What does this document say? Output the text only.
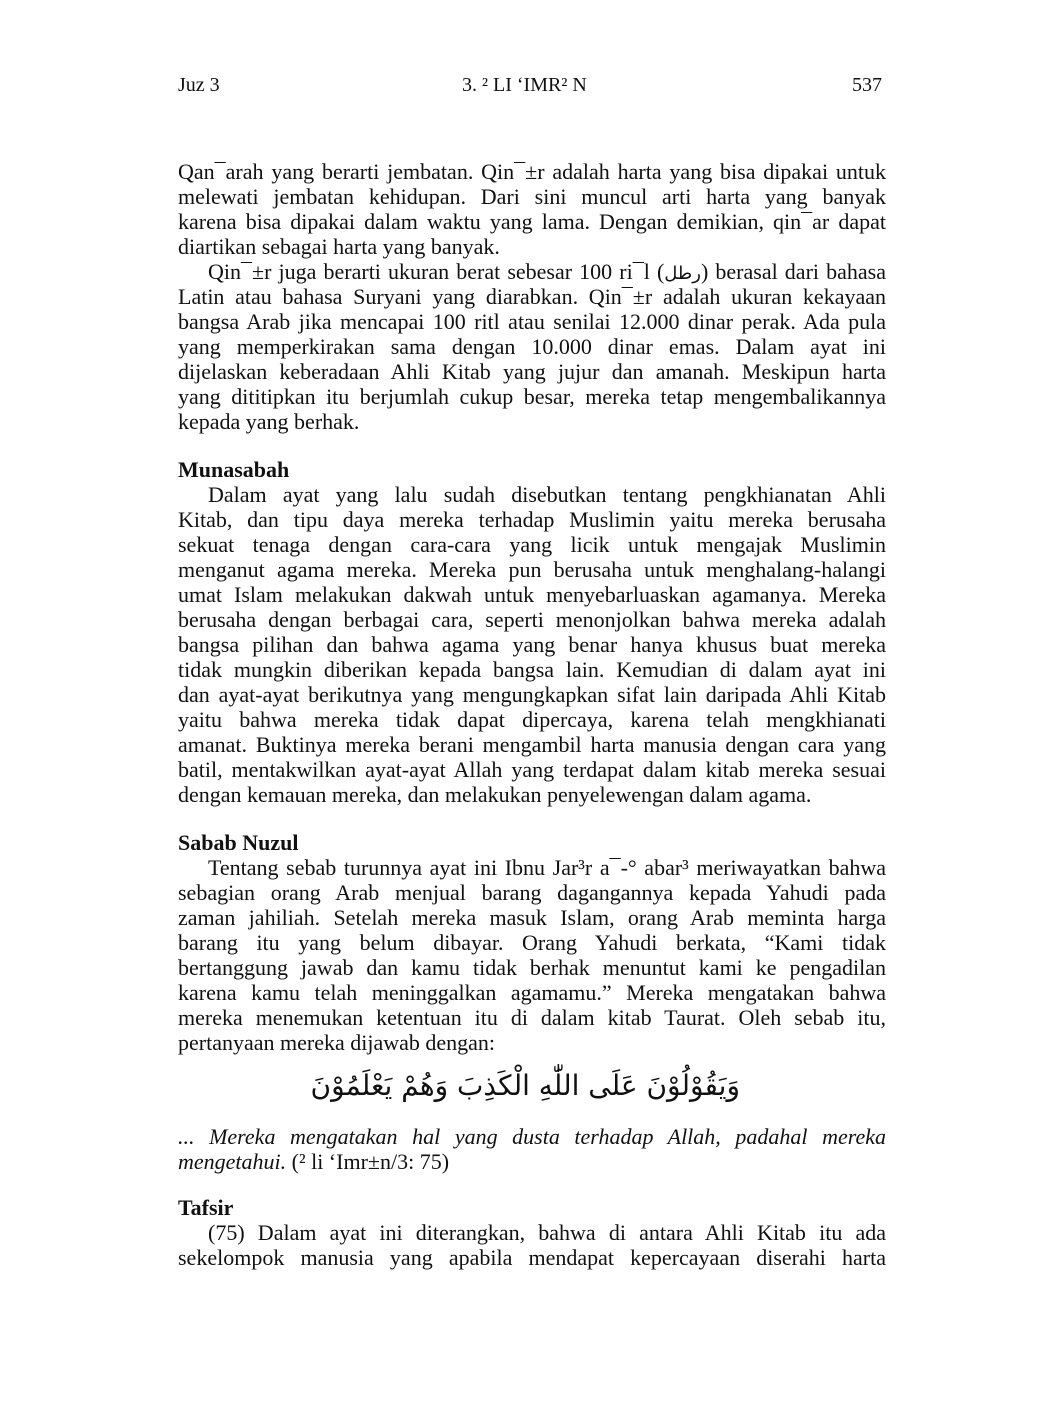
Juz 3	3. ² LI ‘IMR² N	537
Qan¯arah yang berarti jembatan. Qin¯±r adalah harta yang bisa dipakai untuk
melewati jembatan kehidupan. Dari sini muncul arti harta yang banyak
karena bisa dipakai dalam waktu yang lama. Dengan demikian, qin¯ar dapat
diartikan sebagai harta yang banyak.
Qin¯±r juga berarti ukuran berat sebesar 100 ri¯l (رطل) berasal dari bahasa
Latin atau bahasa Suryani yang diarabkan. Qin¯±r adalah ukuran kekayaan
bangsa Arab jika mencapai 100 ritl atau senilai 12.000 dinar perak. Ada pula
yang memperkirakan sama dengan 10.000 dinar emas. Dalam ayat ini
dijelaskan keberadaan Ahli Kitab yang jujur dan amanah. Meskipun harta
yang dititipkan itu berjumlah cukup besar, mereka tetap mengembalikannya
kepada yang berhak.
Munasabah
Dalam ayat yang lalu sudah disebutkan tentang pengkhianatan Ahli
Kitab, dan tipu daya mereka terhadap Muslimin yaitu mereka berusaha
sekuat tenaga dengan cara-cara yang licik untuk mengajak Muslimin
menganut agama mereka. Mereka pun berusaha untuk menghalang-halangi
umat Islam melakukan dakwah untuk menyebarluaskan agamanya. Mereka
berusaha dengan berbagai cara, seperti menonjolkan bahwa mereka adalah
bangsa pilihan dan bahwa agama yang benar hanya khusus buat mereka
tidak mungkin diberikan kepada bangsa lain. Kemudian di dalam ayat ini
dan ayat-ayat berikutnya yang mengungkapkan sifat lain daripada Ahli Kitab
yaitu bahwa mereka tidak dapat dipercaya, karena telah mengkhianati
amanat. Buktinya mereka berani mengambil harta manusia dengan cara yang
batil, mentakwilkan ayat-ayat Allah yang terdapat dalam kitab mereka sesuai
dengan kemauan mereka, dan melakukan penyelewengan dalam agama.
Sabab Nuzul
Tentang sebab turunnya ayat ini Ibnu Jar³r a¯-° abar³ meriwayatkan bahwa
sebagian orang Arab menjual barang dagangannya kepada Yahudi pada
zaman jahiliah. Setelah mereka masuk Islam, orang Arab meminta harga
barang itu yang belum dibayar. Orang Yahudi berkata, “Kami tidak
bertanggung jawab dan kamu tidak berhak menuntut kami ke pengadilan
karena kamu telah meninggalkan agamamu.” Mereka mengatakan bahwa
mereka menemukan ketentuan itu di dalam kitab Taurat. Oleh sebab itu,
pertanyaan mereka dijawab dengan:
وَيَقُوْلُوْنَ عَلَى اللّٰهِ الْكَذِبَ وَهُمْ يَعْلَمُوْنَ
... Mereka mengatakan hal yang dusta terhadap Allah, padahal mereka
mengetahui. (² li ‘Imr±n/3: 75)
Tafsir
(75) Dalam ayat ini diterangkan, bahwa di antara Ahli Kitab itu ada
sekelompok manusia yang apabila mendapat kepercayaan diserahi harta
